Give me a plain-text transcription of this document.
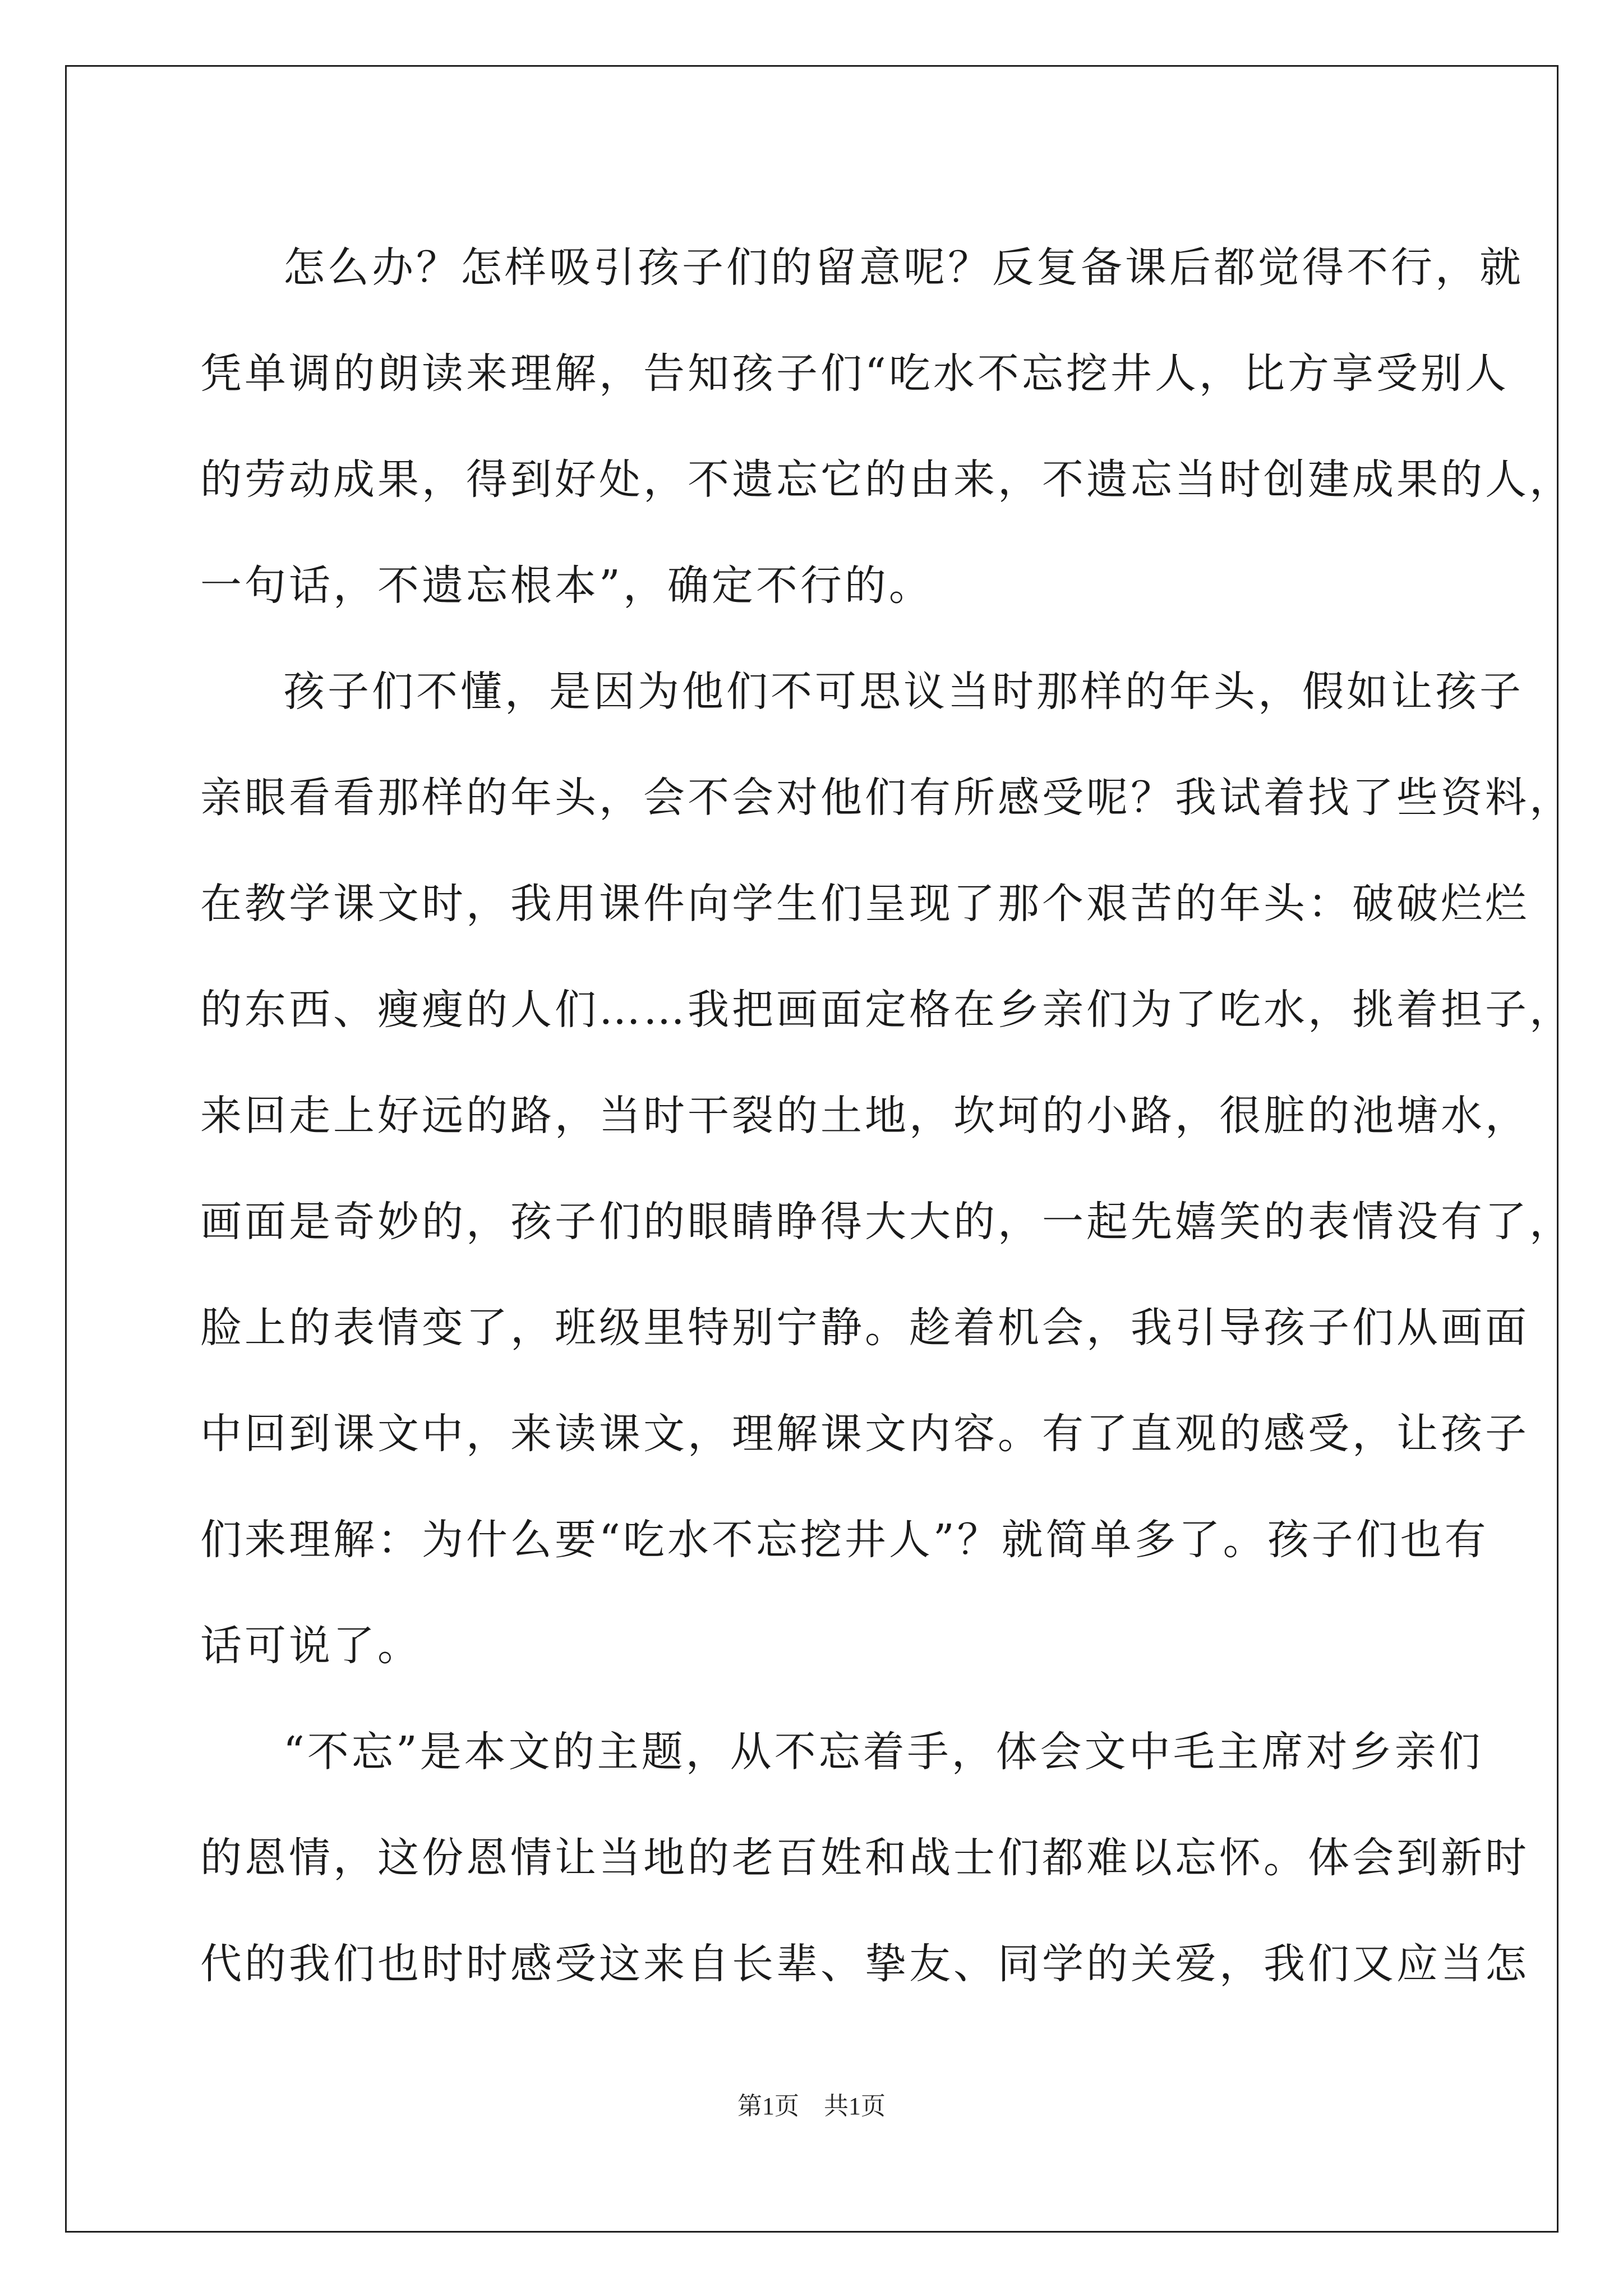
怎么办？怎样吸引孩子们的留意呢？反复备课后都觉得不行，就
凭单调的朗读来理解，告知孩子们“吃水不忘挖井人，比方享受别人
的劳动成果，得到好处，不遗忘它的由来，不遗忘当时创建成果的人，
一句话，不遗忘根本”，确定不行的。
孩子们不懂，是因为他们不可思议当时那样的年头，假如让孩子
亲眼看看那样的年头，会不会对他们有所感受呢？我试着找了些资料，
在教学课文时，我用课件向学生们呈现了那个艰苦的年头：破破烂烂
的东西、瘦瘦的人们……我把画面定格在乡亲们为了吃水，挑着担子，
来回走上好远的路，当时干裂的土地，坎坷的小路，很脏的池塘水，
画面是奇妙的，孩子们的眼睛睁得大大的，一起先嬉笑的表情没有了，
脸上的表情变了，班级里特别宁静。趁着机会，我引导孩子们从画面
中回到课文中，来读课文，理解课文内容。有了直观的感受，让孩子
们来理解：为什么要“吃水不忘挖井人”？就简单多了。孩子们也有
话可说了。
“不忘”是本文的主题，从不忘着手，体会文中毛主席对乡亲们
的恩情，这份恩情让当地的老百姓和战士们都难以忘怀。体会到新时
代的我们也时时感受这来自长辈、挚友、同学的关爱，我们又应当怎
第1页　共1页
